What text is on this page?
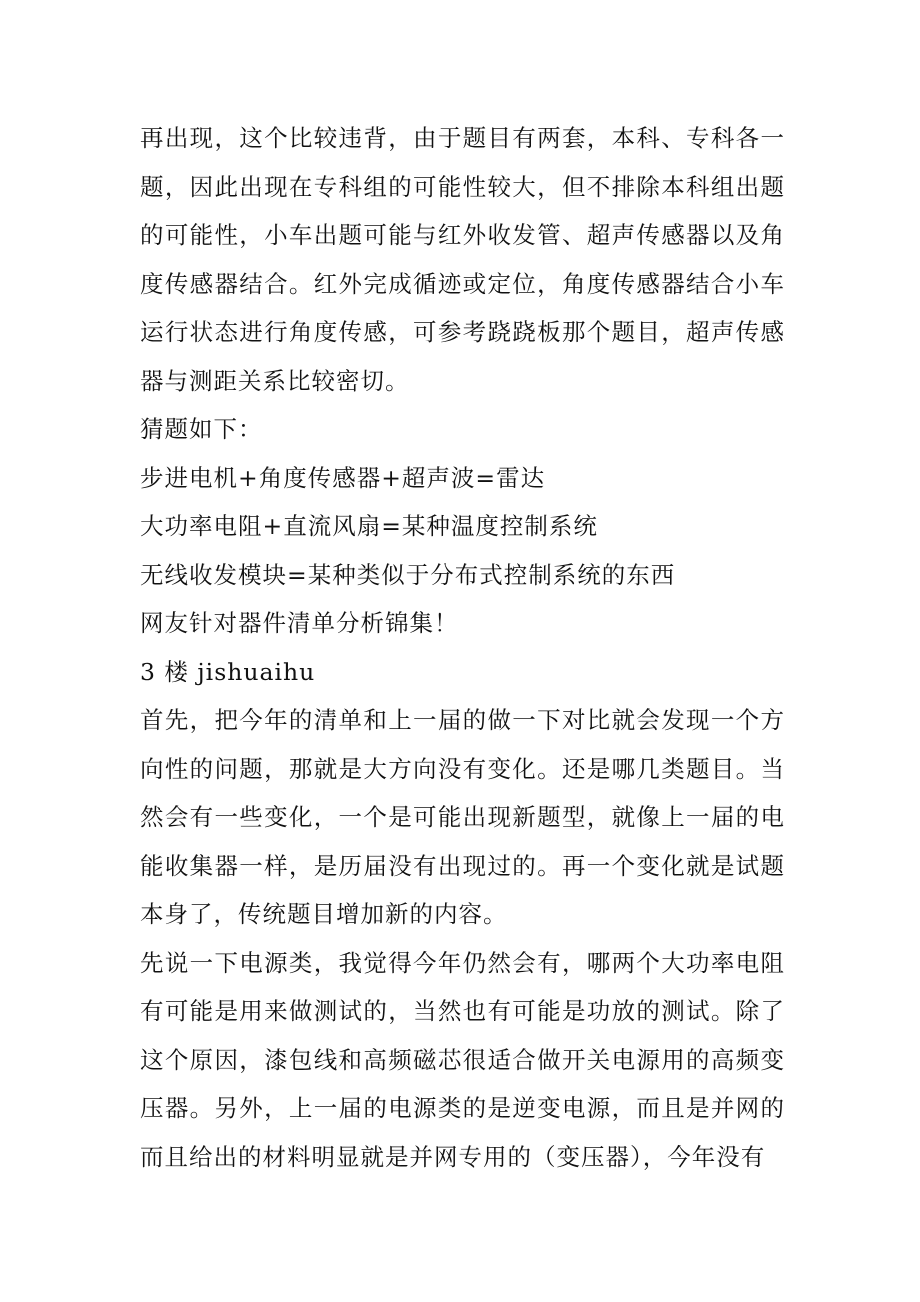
再出现，这个比较违背，由于题目有两套，本科、专科各一题，因此出现在专科组的可能性较大，但不排除本科组出题的可能性，小车出题可能与红外收发管、超声传感器以及角度传感器结合。红外完成循迹或定位，角度传感器结合小车运行状态进行角度传感，可参考跷跷板那个题目，超声传感器与测距关系比较密切。

猜题如下：

步进电机+角度传感器+超声波=雷达

大功率电阻+直流风扇=某种温度控制系统

无线收发模块=某种类似于分布式控制系统的东西

网友针对器件清单分析锦集！

3 楼 jishuaihu

首先，把今年的清单和上一届的做一下对比就会发现一个方向性的问题，那就是大方向没有变化。还是哪几类题目。当然会有一些变化，一个是可能出现新题型，就像上一届的电能收集器一样，是历届没有出现过的。再一个变化就是试题本身了，传统题目增加新的内容。

先说一下电源类，我觉得今年仍然会有，哪两个大功率电阻有可能是用来做测试的，当然也有可能是功放的测试。除了这个原因，漆包线和高频磁芯很适合做开关电源用的高频变压器。另外，上一届的电源类的是逆变电源，而且是并网的而且给出的材料明显就是并网专用的（变压器），今年没有
